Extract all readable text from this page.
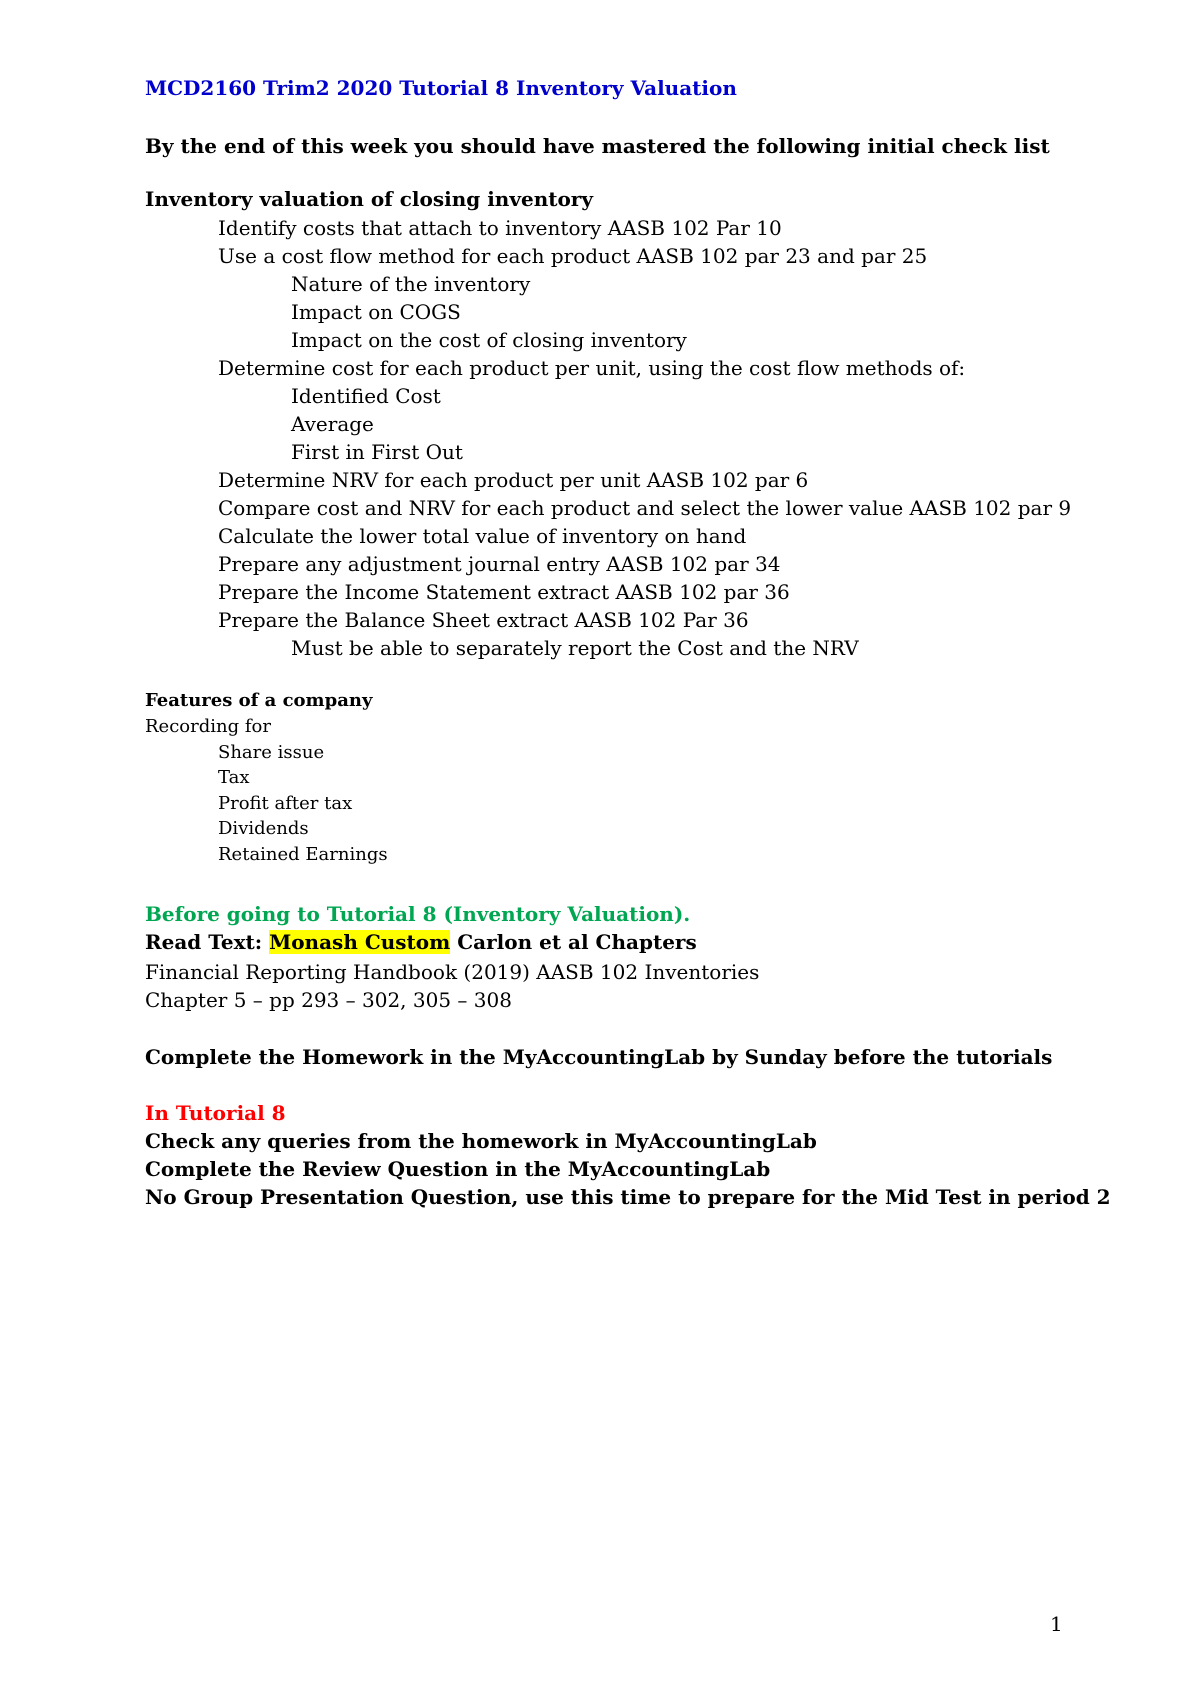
MCD2160 Trim2 2020 Tutorial 8 Inventory Valuation
By the end of this week you should have mastered the following initial check list
Inventory valuation of closing inventory
Identify costs that attach to inventory AASB 102 Par 10
Use a cost flow method for each product AASB 102 par 23 and par 25
Nature of the inventory
Impact on COGS
Impact on the cost of closing inventory
Determine cost for each product per unit, using the cost flow methods of:
Identified Cost
Average
First in First Out
Determine NRV for each product per unit AASB 102 par 6
Compare cost and NRV for each product and select the lower value AASB 102 par 9
Calculate the lower total value of inventory on hand
Prepare any adjustment journal entry AASB 102 par 34
Prepare the Income Statement extract AASB 102 par 36
Prepare the Balance Sheet extract AASB 102 Par 36
Must be able to separately report the Cost and the NRV
Features of a company
Recording for
Share issue
Tax
Profit after tax
Dividends
Retained Earnings
Before going to Tutorial 8 (Inventory Valuation).
Read Text: Monash Custom Carlon et al Chapters
Financial Reporting Handbook (2019) AASB 102 Inventories
Chapter 5 – pp 293 – 302, 305 – 308
Complete the Homework in the MyAccountingLab by Sunday before the tutorials
In Tutorial 8
Check any queries from the homework in MyAccountingLab
Complete the Review Question in the MyAccountingLab
No Group Presentation Question, use this time to prepare for the Mid Test in period 2
1
